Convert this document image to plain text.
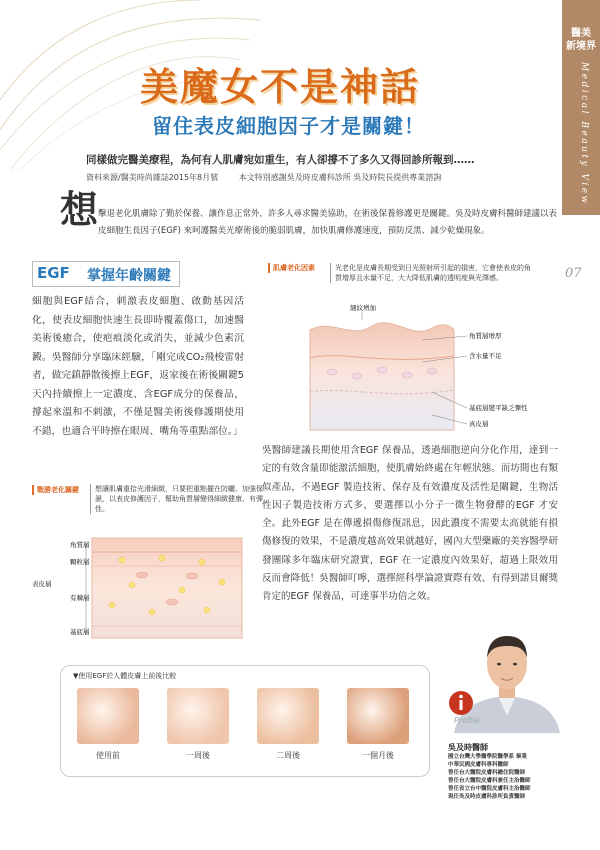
醫美
新境界
Medical Beauty View
07
美魔女不是神話
留住表皮細胞因子才是關鍵！
同樣做完醫美療程，為何有人肌膚宛如重生，有人卻撐不了多久又得回診所報到……
資料來源/醫美時尚雜誌2015年8月號	本文特別感謝吳及時皮膚科診所 吳及時院長提供專業諮詢
想 擊退老化肌膚除了勤於保養、讓作息正常外，許多人尋求醫美協助，在術後保養修護更是關鍵。吳及時皮膚科醫師建議以表皮細胞生長因子(EGF) 來呵護醫美光療術後的脆弱肌膚，加快肌膚修護速度，預防反黑、減少乾燥現象。
EGF 掌握年齡關鍵
細胞與EGF結合，刺激表皮細胞、啟動基因活化，使表皮細胞快速生長即時覆蓋傷口，加速醫美術後癒合，使疤痕淡化或消失，並減少色素沉澱。吳醫師分享臨床經驗，「剛完成CO₂飛梭雷射者，做完鎮靜散後擦上EGF，返家後在術後關鍵5天內持續擦上一定濃度、含EGF成分的保養品，撐起來溫和不刺激，不僅是醫美術後修護期使用不錯，也適合平時擦在眼周、嘴角等重點部位。」
肌膚老化因素	光老化是皮膚長期受到日光照射所引起的損害，它會使表皮的角質增厚且水量不足，大大降低肌膚的透明度與光澤感。
細紋增加
角質層增厚
含水量不足
基底層變平缺乏彈性
真皮層
吳醫師建議長期使用含EGF 保養品，透過細胞逆向分化作用，達到一定的有效含量即能激活細胞，使肌膚始終處在年輕狀態。而坊間也有類似產品，不過EGF 製造技術、保存及有效濃度及活性是關鍵，生物活性因子製造技術方式多，要選擇以小分子一微生物發酵的EGF 才安全。此外EGF 是在傳遞損傷修復訊息，因此濃度不需要太高就能有損傷修復的效果，不是濃度越高效果就越好，國內大型藥廠的美容醫學研發團隊多年臨床研究證實，EGF 在一定濃度內效果好，超過上限效用反而會降低！吳醫師叮嚀，選擇經科學論證實際有效、有得到諾貝爾獎肯定的EGF 保養品，可達事半功倍之效。
戰勝老化關鍵	想讓肌膚重拾光滑細緻，只要把重點擺在防曬、加強保濕，以表皮修護因子，幫助角質層變得細緻健康、有彈性。
角質層
顆粒層
有棘層
基底層
表皮層
▼使用EGF於人體皮膚上前後比較
使用前	一周後	二周後	一個月後
Profile
吳及時醫師
國立台灣大學醫學院醫學系 畢業
中華民國皮膚科專科醫師
曾任台大醫院皮膚科總住院醫師
曾任台大醫院皮膚科兼任主治醫師
曾任省立台中醫院皮膚科主治醫師
現任吳及時皮膚科診所負責醫師
